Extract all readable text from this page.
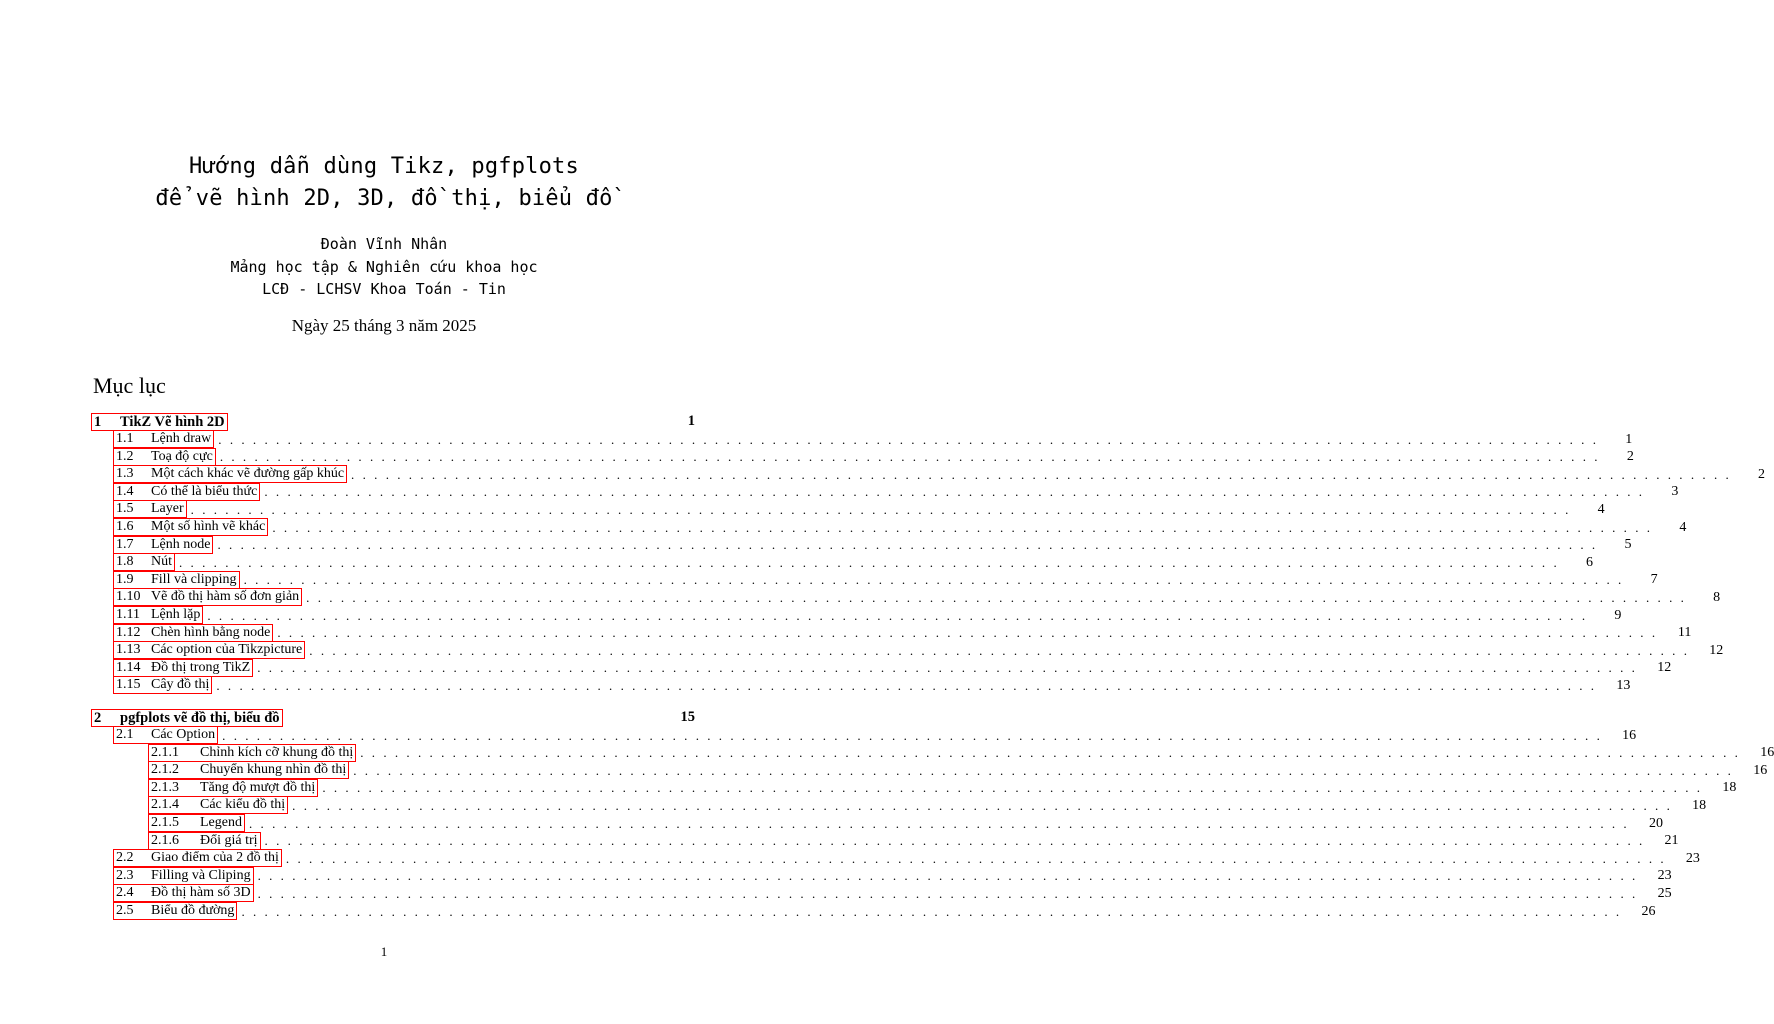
Hướng dẫn dùng Tikz, pgfplots
để vẽ hình 2D, 3D, đồ thị, biểu đồ
Đoàn Vĩnh Nhân
Mảng học tập & Nghiên cứu khoa học
LCĐ - LCHSV Khoa Toán - Tin
Ngày 25 tháng 3 năm 2025
Mục lục
1	TikZ Vẽ hình 2D	1
1.1	Lệnh draw ........................................................................................................................	1
1.2	Toạ độ cực ........................................................................................................................	2
1.3	Một cách khác vẽ đường gấp khúc ........................................................................................................................	2
1.4	Có thể là biểu thức ........................................................................................................................	3
1.5	Layer ........................................................................................................................	4
1.6	Một số hình vẽ khác ........................................................................................................................	4
1.7	Lệnh node ........................................................................................................................	5
1.8	Nút ........................................................................................................................	6
1.9	Fill và clipping ........................................................................................................................	7
1.10 Vẽ đồ thị hàm số đơn giản ........................................................................................................................	8
1.11 Lệnh lặp ........................................................................................................................	9
1.12 Chèn hình bằng node ........................................................................................................................	11
1.13 Các option của Tikzpicture ........................................................................................................................	12
1.14 Đồ thị trong TikZ ........................................................................................................................	12
1.15 Cây đồ thị ........................................................................................................................	13
2	pgfplots vẽ đồ thị, biểu đồ	15
2.1	Các Option ........................................................................................................................	16
2.1.1	Chỉnh kích cỡ khung đồ thị ........................................................................................................................	16
2.1.2	Chuyển khung nhìn đồ thị ........................................................................................................................	16
2.1.3	Tăng độ mượt đồ thị ........................................................................................................................	18
2.1.4	Các kiểu đồ thị ........................................................................................................................	18
2.1.5	Legend ........................................................................................................................	20
2.1.6	Đổi giá trị ........................................................................................................................	21
2.2	Giao điểm của 2 đồ thị ........................................................................................................................	23
2.3	Filling và Cliping ........................................................................................................................	23
2.4	Đồ thị hàm số 3D ........................................................................................................................	25
2.5	Biểu đồ đường ........................................................................................................................	26
1
